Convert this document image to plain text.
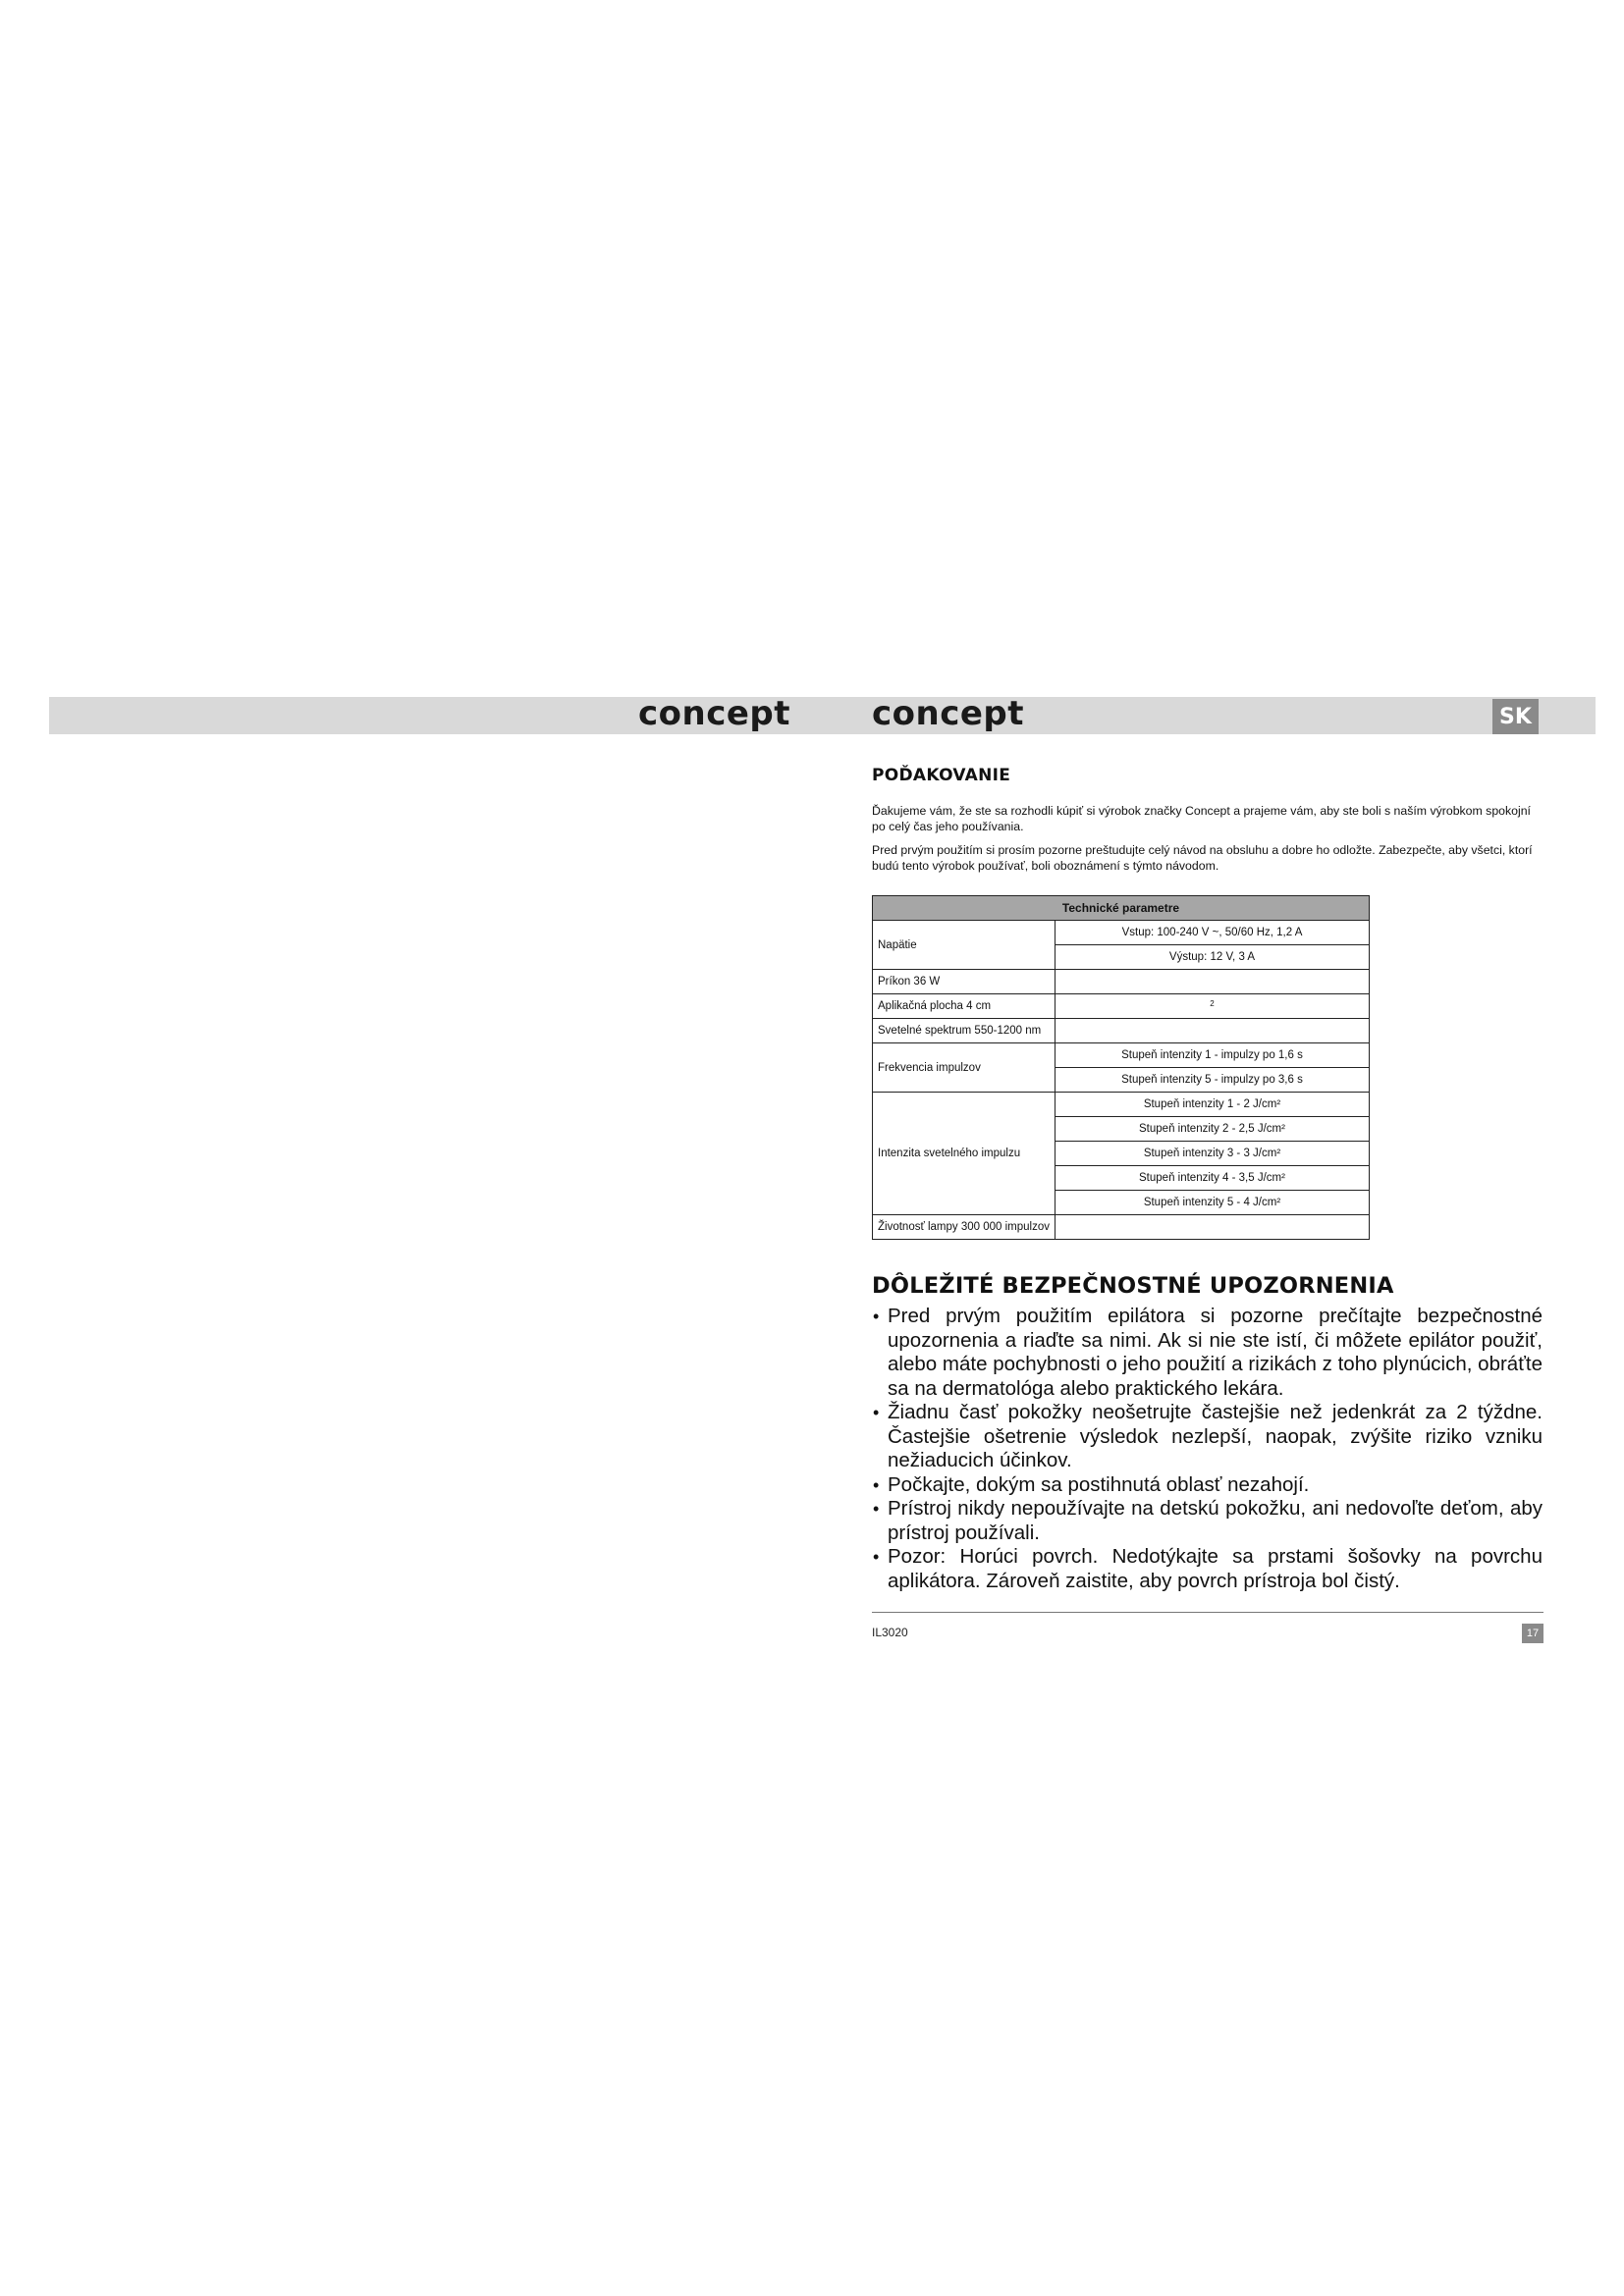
concept concept	SK
POĎAKOVANIE

Ďakujeme vám, že ste sa rozhodli kúpiť si výrobok značky Concept a prajeme vám, aby ste boli s naším výrobkom spokojní po celý čas jeho používania.

Pred prvým použitím si prosím pozorne preštudujte celý návod na obsluhu a dobre ho odložte. Zabezpečte, aby všetci, ktorí budú tento výrobok používať, boli oboznámení s týmto návodom.

Technické parametre	
Napätie	Vstup: 100-240 V ~, 50/60 Hz, 1,2 A
	Výstup: 12 V, 3 A
Príkon 36 W	
Aplikačná plocha 4 cm	$^2$
Svetelné spektrum 550-1200 nm	
Frekvencia impulzov	Stupeň intenzity 1 - impulzy po 1,6 s
	Stupeň intenzity 5 - impulzy po 3,6 s
Intenzita svetelného impulzu	Stupeň intenzity 1 - 2 J/cm²
	Stupeň intenzity 2 - 2,5 J/cm²
	Stupeň intenzity 3 - 3 J/cm²
	Stupeň intenzity 4 - 3,5 J/cm²
	Stupeň intenzity 5 - 4 J/cm²
Životnosť lampy 300 000 impulzov	
DÔLEŽITÉ BEZPEČNOSTNÉ UPOZORNENIA
• Pred prvým použitím epilátora si pozorne prečítajte bezpečnostné upozornenia a riaďte sa nimi. Ak si nie ste istí, či môžete epilátor použiť, alebo máte pochybnosti o jeho použití a rizikách z toho plynúcich, obráťte sa na dermatológa alebo praktického lekára.
• Žiadnu časť pokožky neošetrujte častejšie než jedenkrát za 2 týždne. Častejšie ošetrenie výsledok nezlepší, naopak, zvýšite riziko vzniku nežiaducich účinkov.
• Počkajte, dokým sa postihnutá oblasť nezahojí.
• Prístroj nikdy nepoužívajte na detskú pokožku, ani nedovoľte deťom, aby prístroj používali.
• Pozor: Horúci povrch. Nedotýkajte sa prstami šošovky na povrchu aplikátora. Zároveň zaistite, aby povrch prístroja bol čistý.
IL3020	17
